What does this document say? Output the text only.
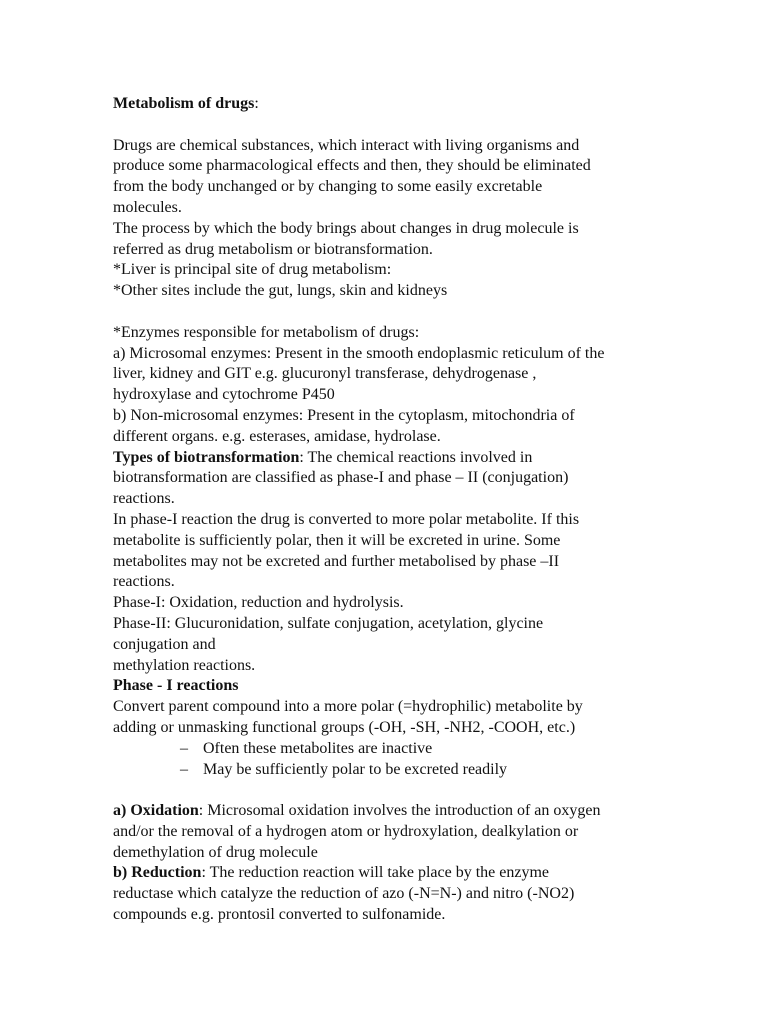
Metabolism of drugs:
Drugs are chemical substances, which interact with living organisms and
produce some pharmacological effects and then, they should be eliminated
from the body unchanged or by changing to some easily excretable
molecules.
The process by which the body brings about changes in drug molecule is
referred as drug metabolism or biotransformation.
*Liver is principal site of drug metabolism:
*Other sites include the gut, lungs, skin and kidneys
*Enzymes responsible for metabolism of drugs:
a) Microsomal enzymes: Present in the smooth endoplasmic reticulum of the
liver, kidney and GIT e.g. glucuronyl transferase, dehydrogenase ,
hydroxylase and cytochrome P450
b) Non-microsomal enzymes: Present in the cytoplasm, mitochondria of
different organs. e.g. esterases, amidase, hydrolase.
Types of biotransformation: The chemical reactions involved in
biotransformation are classified as phase-I and phase – II (conjugation)
reactions.
In phase-I reaction the drug is converted to more polar metabolite. If this
metabolite is sufficiently polar, then it will be excreted in urine. Some
metabolites may not be excreted and further metabolised by phase –II
reactions.
Phase-I: Oxidation, reduction and hydrolysis.
Phase-II: Glucuronidation, sulfate conjugation, acetylation, glycine
conjugation and
methylation reactions.
Phase - I reactions
Convert parent compound into a more polar (=hydrophilic) metabolite by
adding or unmasking functional groups (-OH, -SH, -NH2, -COOH, etc.)
– Often these metabolites are inactive
– May be sufficiently polar to be excreted readily
a) Oxidation: Microsomal oxidation involves the introduction of an oxygen
and/or the removal of a hydrogen atom or hydroxylation, dealkylation or
demethylation of drug molecule
b) Reduction: The reduction reaction will take place by the enzyme
reductase which catalyze the reduction of azo (-N=N-) and nitro (-NO2)
compounds e.g. prontosil converted to sulfonamide.
